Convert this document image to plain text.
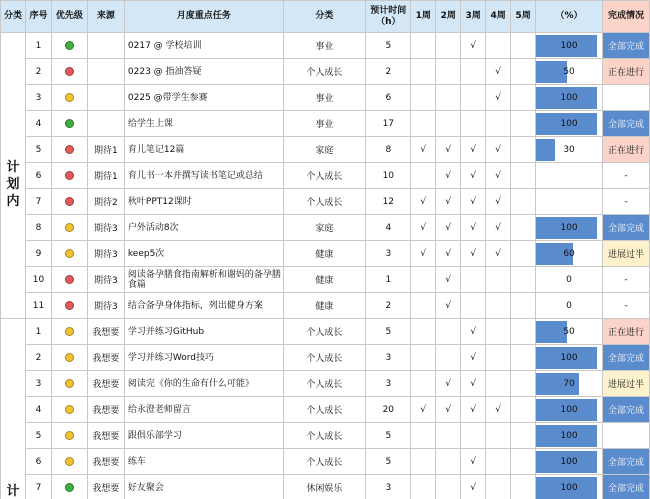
分类	序号	优先级	来源	月度重点任务	分类	预计时间（h）	1周	2周	3周	4周	5周	（%）	完成情况
计划内	1			0217 @ 学校培训	事业	5			√			100	全部完成
	2			0223 @ 指油答疑	个人成长	2				√		50	正在进行
	3			0225 @带学生参赛	事业	6				√		100	

	4			给学生上课	事业	17						100	全部完成
	5		期待1	育儿笔记12篇	家庭	8	√	√	√	√		30	正在进行
	6		期待1	育儿书一本并撰写读书笔记或总结	个人成长	10		√	√	√			-
	7		期待2	秋叶PPT12课时	个人成长	12	√	√	√	√			-
	8		期待3	户外活动8次	家庭	4	√	√	√	√		100	全部完成
	9		期待3	keep5次	健康	3	√	√	√	√		60	进展过半
	10		期待3	阅读备孕膳食指南解析和谢妈的备孕膳食篇	健康	1		√				0	-
	11		期待3	结合备孕身体指标，列出健身方案	健康	2		√				0	-
计	1		我想要	学习并练习GitHub	个人成长	5			√			50	正在进行
	2		我想要	学习并练习Word技巧	个人成长	3			√			100	全部完成
	3		我想要	阅读完《你的生命有什么可能》	个人成长	3		√	√			70	进展过半
	4		我想要	给永澄老师留言	个人成长	20	√	√	√	√		100	全部完成
	5		我想要	跟俱乐部学习	个人成长	5						100	

	6		我想要	练车	个人成长	5			√			100	全部完成
	7		我想要	好友聚会	休闲娱乐	3			√			100	全部完成
